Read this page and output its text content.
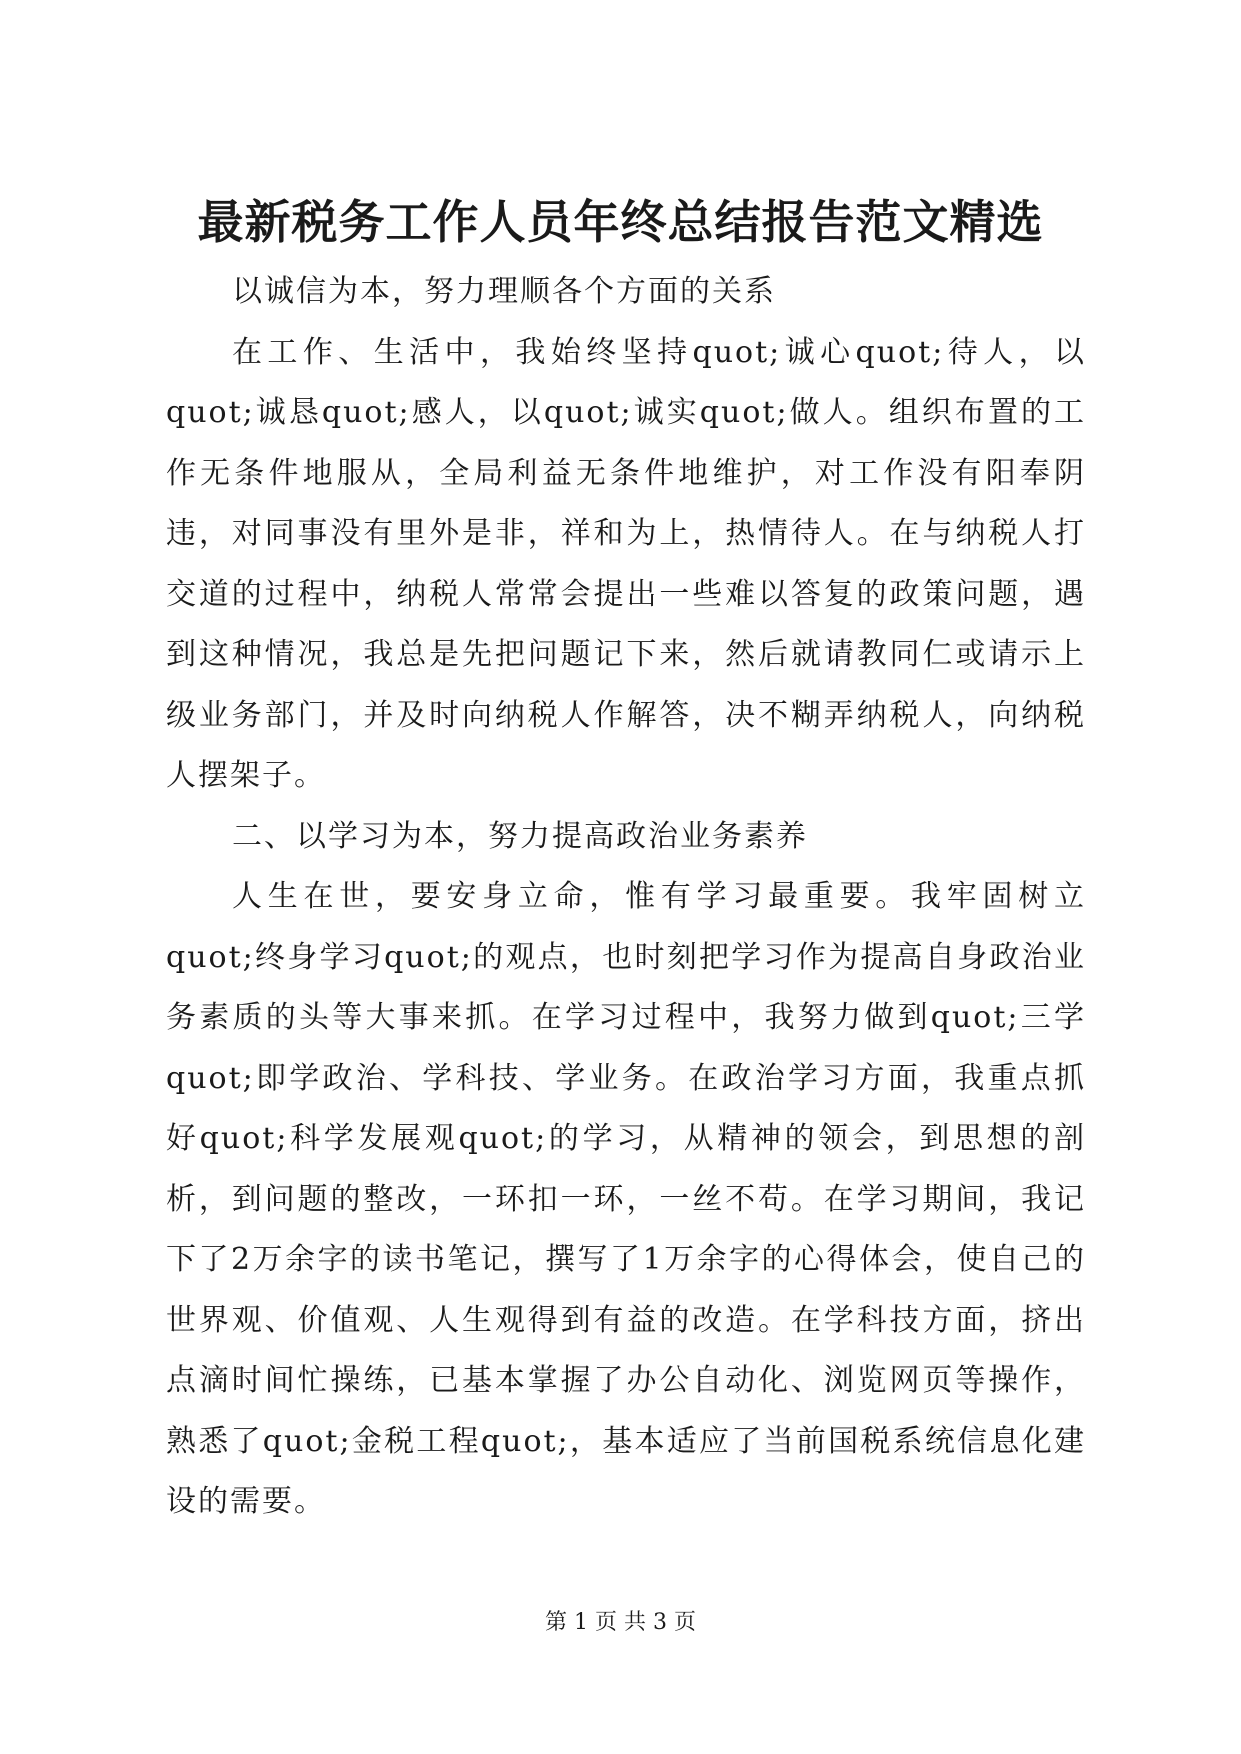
最新税务工作人员年终总结报告范文精选

以诚信为本，努力理顺各个方面的关系

在工作、生活中，我始终坚持quot;诚心quot;待人，以quot;诚恳quot;感人，以quot;诚实quot;做人。组织布置的工作无条件地服从，全局利益无条件地维护，对工作没有阳奉阴违，对同事没有里外是非，祥和为上，热情待人。在与纳税人打交道的过程中，纳税人常常会提出一些难以答复的政策问题，遇到这种情况，我总是先把问题记下来，然后就请教同仁或请示上级业务部门，并及时向纳税人作解答，决不糊弄纳税人，向纳税人摆架子。

二、以学习为本，努力提高政治业务素养

人生在世，要安身立命，惟有学习最重要。我牢固树立quot;终身学习quot;的观点，也时刻把学习作为提高自身政治业务素质的头等大事来抓。在学习过程中，我努力做到quot;三学quot;即学政治、学科技、学业务。在政治学习方面，我重点抓好quot;科学发展观quot;的学习，从精神的领会，到思想的剖析，到问题的整改，一环扣一环，一丝不苟。在学习期间，我记下了2万余字的读书笔记，撰写了1万余字的心得体会，使自己的世界观、价值观、人生观得到有益的改造。在学科技方面，挤出点滴时间忙操练，已基本掌握了办公自动化、浏览网页等操作，熟悉了quot;金税工程quot;，基本适应了当前国税系统信息化建设的需要。

第 1 页 共 3 页
